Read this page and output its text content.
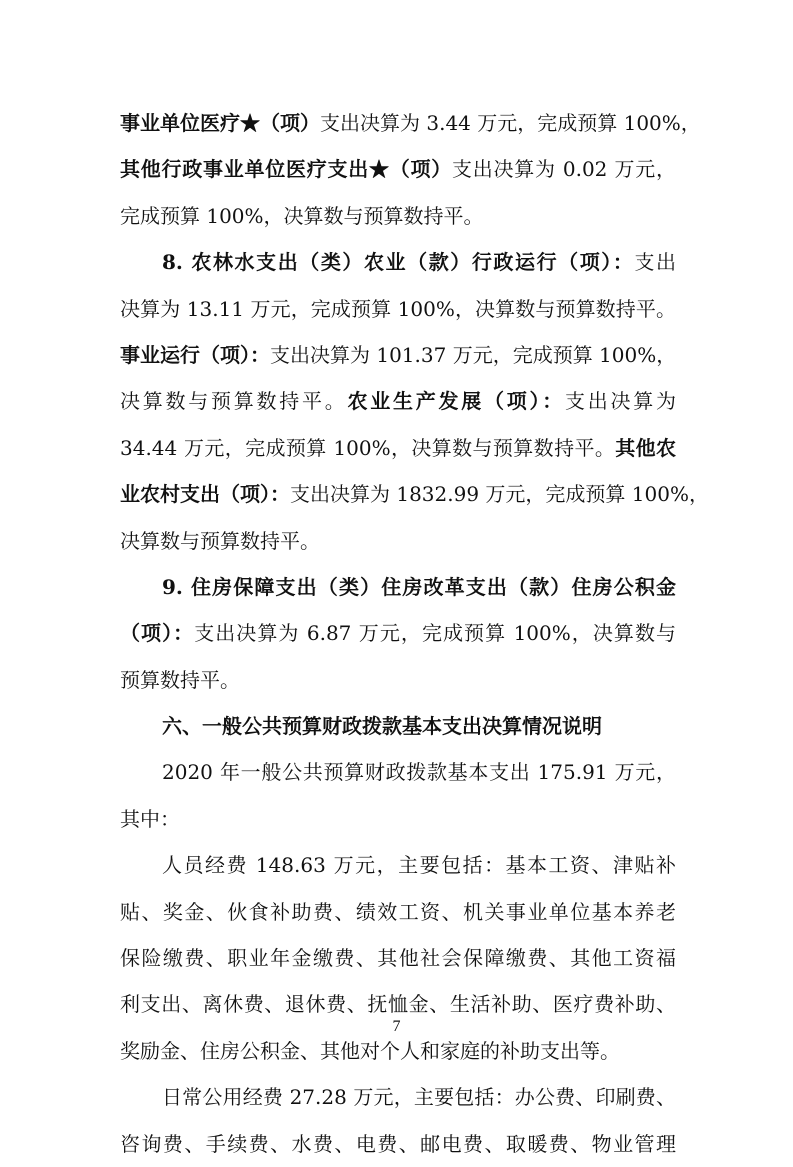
事业单位医疗★（项）支出决算为 3.44 万元，完成预算 100%，
其他行政事业单位医疗支出★（项）支出决算为 0.02 万元，
完成预算 100%，决算数与预算数持平。
8. 农林水支出（类）农业（款）行政运行（项）：支出
决算为 13.11 万元，完成预算 100%，决算数与预算数持平。
事业运行（项）：支出决算为 101.37 万元，完成预算 100%，
决算数与预算数持平。农业生产发展（项）：支出决算为
34.44 万元，完成预算 100%，决算数与预算数持平。其他农
业农村支出（项）：支出决算为 1832.99 万元，完成预算 100%，
决算数与预算数持平。
9. 住房保障支出（类）住房改革支出（款）住房公积金
（项）：支出决算为 6.87 万元，完成预算 100%，决算数与
预算数持平。
六、一般公共预算财政拨款基本支出决算情况说明
2020 年一般公共预算财政拨款基本支出 175.91 万元，
其中：
人员经费 148.63 万元，主要包括：基本工资、津贴补
贴、奖金、伙食补助费、绩效工资、机关事业单位基本养老
保险缴费、职业年金缴费、其他社会保障缴费、其他工资福
利支出、离休费、退休费、抚恤金、生活补助、医疗费补助、
奖励金、住房公积金、其他对个人和家庭的补助支出等。
日常公用经费 27.28 万元，主要包括：办公费、印刷费、
咨询费、手续费、水费、电费、邮电费、取暖费、物业管理
7
